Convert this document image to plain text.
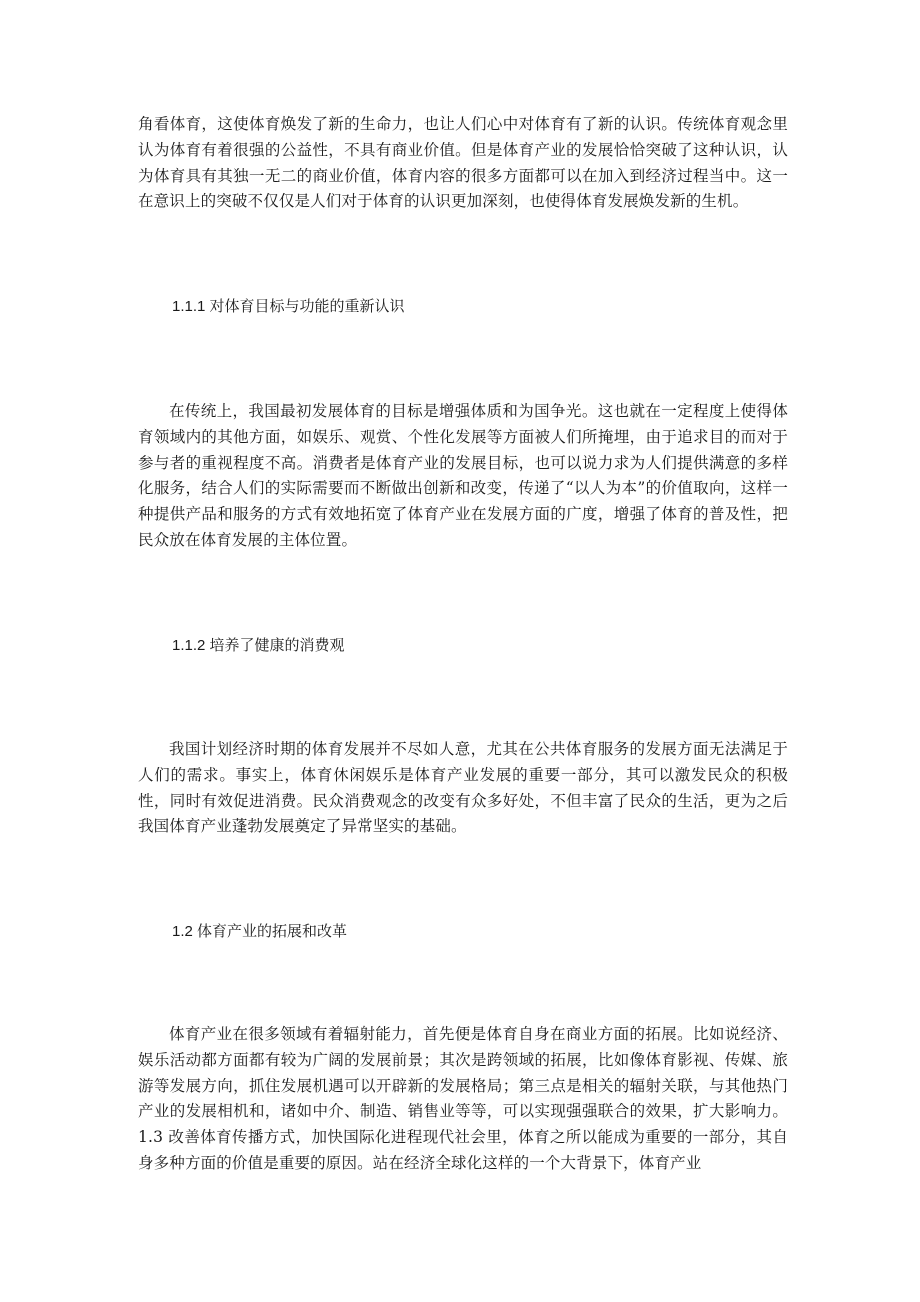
角看体育，这使体育焕发了新的生命力，也让人们心中对体育有了新的认识。传统体育观念里认为体育有着很强的公益性，不具有商业价值。但是体育产业的发展恰恰突破了这种认识，认为体育具有其独一无二的商业价值，体育内容的很多方面都可以在加入到经济过程当中。这一在意识上的突破不仅仅是人们对于体育的认识更加深刻，也使得体育发展焕发新的生机。

1.1.1 对体育目标与功能的重新认识

在传统上，我国最初发展体育的目标是增强体质和为国争光。这也就在一定程度上使得体育领域内的其他方面，如娱乐、观赏、个性化发展等方面被人们所掩埋，由于追求目的而对于参与者的重视程度不高。消费者是体育产业的发展目标，也可以说力求为人们提供满意的多样化服务，结合人们的实际需要而不断做出创新和改变，传递了“以人为本”的价值取向，这样一种提供产品和服务的方式有效地拓宽了体育产业在发展方面的广度，增强了体育的普及性，把民众放在体育发展的主体位置。

1.1.2 培养了健康的消费观

我国计划经济时期的体育发展并不尽如人意，尤其在公共体育服务的发展方面无法满足于人们的需求。事实上，体育休闲娱乐是体育产业发展的重要一部分，其可以激发民众的积极性，同时有效促进消费。民众消费观念的改变有众多好处，不但丰富了民众的生活，更为之后我国体育产业蓬勃发展奠定了异常坚实的基础。

1.2 体育产业的拓展和改革

体育产业在很多领域有着辐射能力，首先便是体育自身在商业方面的拓展。比如说经济、娱乐活动都方面都有较为广阔的发展前景；其次是跨领域的拓展，比如像体育影视、传媒、旅游等发展方向，抓住发展机遇可以开辟新的发展格局；第三点是相关的辐射关联，与其他热门产业的发展相机和，诸如中介、制造、销售业等等，可以实现强强联合的效果，扩大影响力。1.3 改善体育传播方式，加快国际化进程现代社会里，体育之所以能成为重要的一部分，其自身多种方面的价值是重要的原因。站在经济全球化这样的一个大背景下，体育产业
